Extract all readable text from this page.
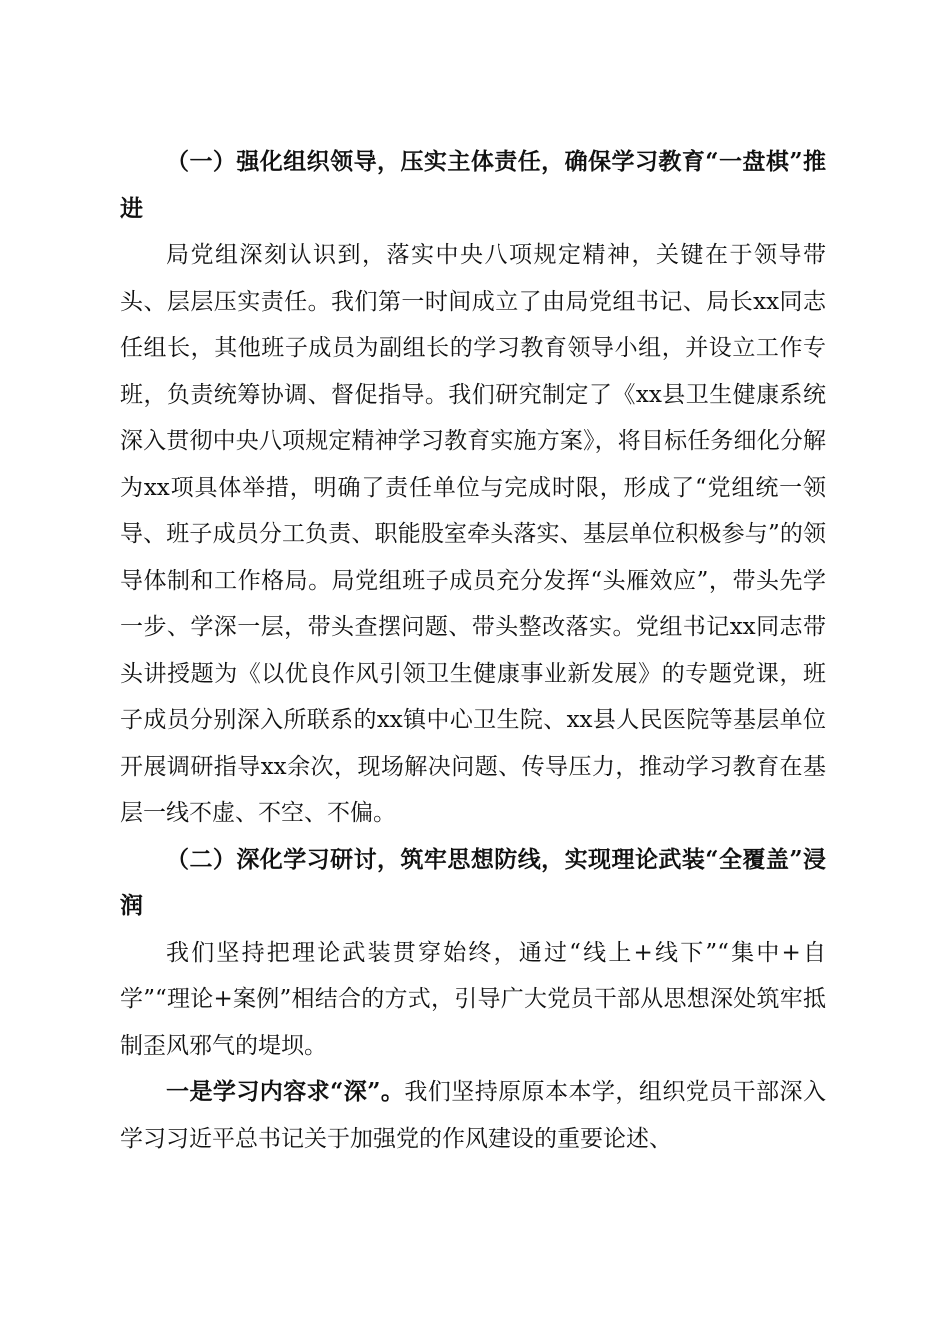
（一）强化组织领导，压实主体责任，确保学习教育“一盘棋”推进

局党组深刻认识到，落实中央八项规定精神，关键在于领导带头、层层压实责任。我们第一时间成立了由局党组书记、局长xx同志任组长，其他班子成员为副组长的学习教育领导小组，并设立工作专班，负责统筹协调、督促指导。我们研究制定了《xx县卫生健康系统深入贯彻中央八项规定精神学习教育实施方案》，将目标任务细化分解为xx项具体举措，明确了责任单位与完成时限，形成了“党组统一领导、班子成员分工负责、职能股室牵头落实、基层单位积极参与”的领导体制和工作格局。局党组班子成员充分发挥“头雁效应”，带头先学一步、学深一层，带头查摆问题、带头整改落实。党组书记xx同志带头讲授题为《以优良作风引领卫生健康事业新发展》的专题党课，班子成员分别深入所联系的xx镇中心卫生院、xx县人民医院等基层单位开展调研指导xx余次，现场解决问题、传导压力，推动学习教育在基层一线不虚、不空、不偏。

（二）深化学习研讨，筑牢思想防线，实现理论武装“全覆盖”浸润

我们坚持把理论武装贯穿始终，通过“线上+线下”“集中+自学”“理论+案例”相结合的方式，引导广大党员干部从思想深处筑牢抵制歪风邪气的堤坝。

一是学习内容求“深”。我们坚持原原本本学，组织党员干部深入学习习近平总书记关于加强党的作风建设的重要论述、
